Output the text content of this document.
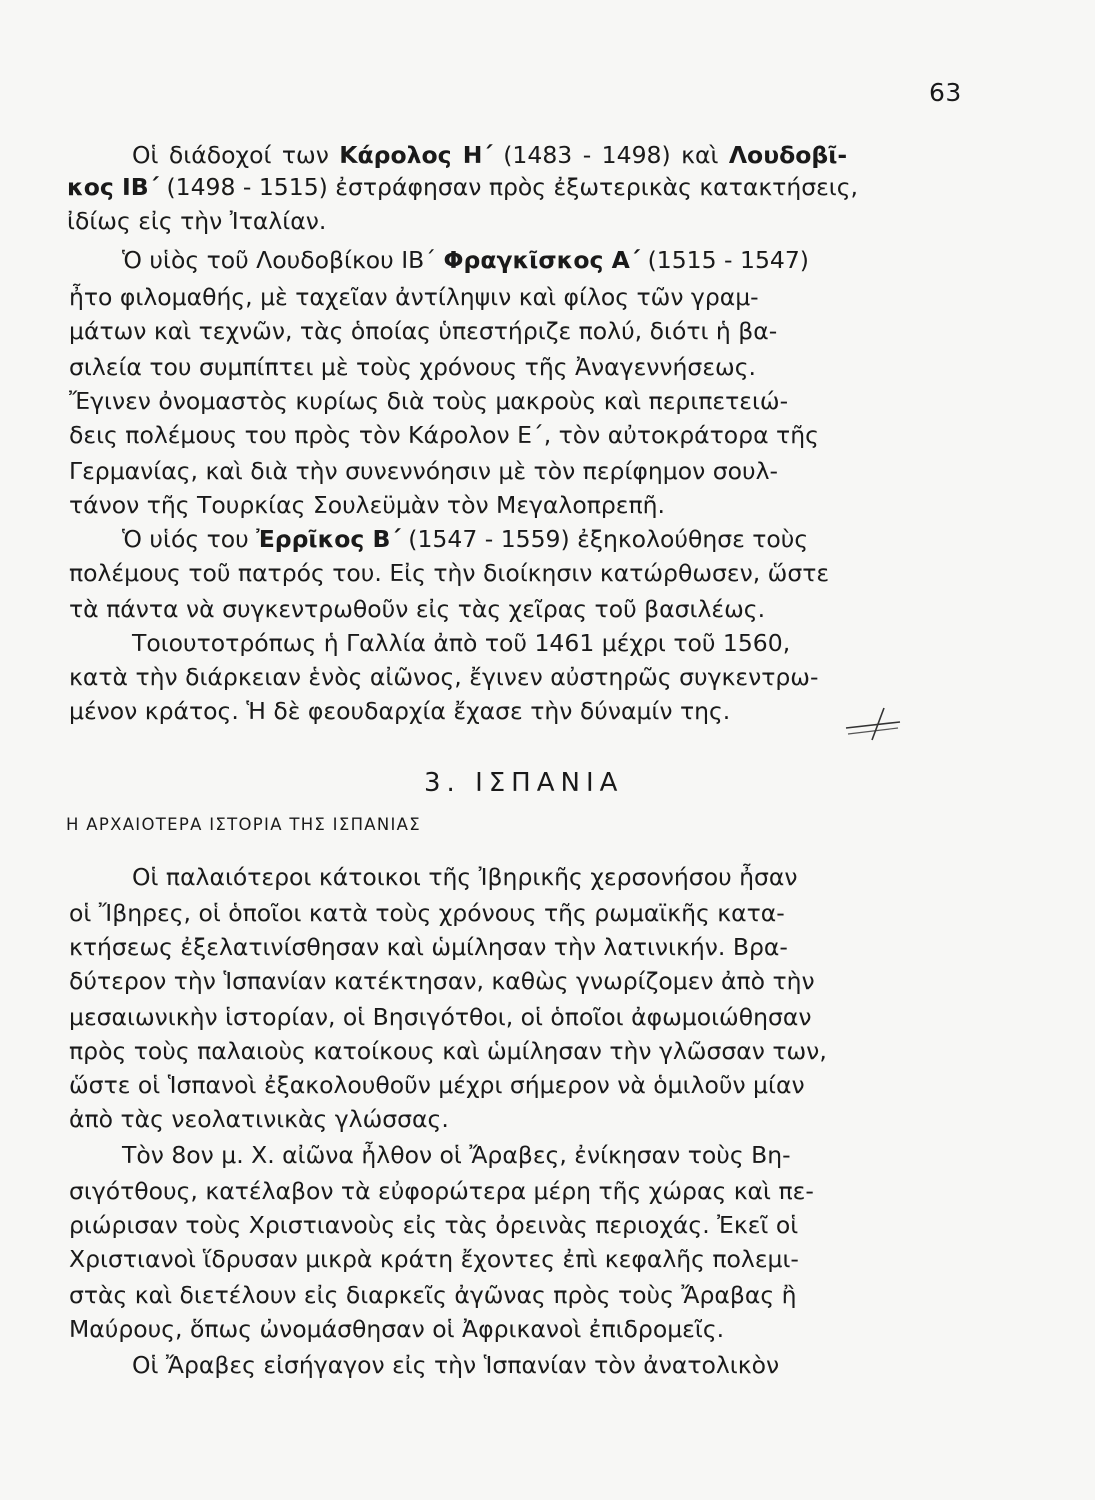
63
Οἱ διάδοχοί των Κάρολος Η΄ (1483 - 1498) καὶ Λουδοβῖ-
κος ΙΒ΄ (1498 - 1515) ἐστράφησαν πρὸς ἐξωτερικὰς κατακτήσεις,
ἰδίως εἰς τὴν Ἰταλίαν.
Ὁ υἱὸς τοῦ Λουδοβίκου ΙΒ΄ Φραγκῖσκος Α΄ (1515 - 1547)
ἦτο φιλομαθής, μὲ ταχεῖαν ἀντίληψιν καὶ φίλος τῶν γραμ-
μάτων καὶ τεχνῶν, τὰς ὁποίας ὑπεστήριζε πολύ, διότι ἡ βα-
σιλεία του συμπίπτει μὲ τοὺς χρόνους τῆς Ἀναγεννήσεως.
Ἔγινεν ὀνομαστὸς κυρίως διὰ τοὺς μακροὺς καὶ περιπετειώ-
δεις πολέμους του πρὸς τὸν Κάρολον Ε΄, τὸν αὐτοκράτορα τῆς
Γερμανίας, καὶ διὰ τὴν συνεννόησιν μὲ τὸν περίφημον σουλ-
τάνον τῆς Τουρκίας Σουλεϋμὰν τὸν Μεγαλοπρεπῆ.
Ὁ υἱός του Ἐρρῖκος Β΄ (1547 - 1559) ἐξηκολούθησε τοὺς
πολέμους τοῦ πατρός του. Εἰς τὴν διοίκησιν κατώρθωσεν, ὥστε
τὰ πάντα νὰ συγκεντρωθοῦν εἰς τὰς χεῖρας τοῦ βασιλέως.
Τοιουτοτρόπως ἡ Γαλλία ἀπὸ τοῦ 1461 μέχρι τοῦ 1560,
κατὰ τὴν διάρκειαν ἑνὸς αἰῶνος, ἔγινεν αὐστηρῶς συγκεντρω-
μένον κράτος. Ἡ δὲ φεουδαρχία ἔχασε τὴν δύναμίν της.
3. ΙΣΠΑΝΙΑ
Η ΑΡΧΑΙΟΤΕΡΑ ΙΣΤΟΡΙΑ ΤΗΣ ΙΣΠΑΝΙΑΣ
Οἱ παλαιότεροι κάτοικοι τῆς Ἰβηρικῆς χερσονήσου ἦσαν
οἱ Ἴβηρες, οἱ ὁποῖοι κατὰ τοὺς χρόνους τῆς ρωμαϊκῆς κατα-
κτήσεως ἐξελατινίσθησαν καὶ ὡμίλησαν τὴν λατινικήν. Βρα-
δύτερον τὴν Ἱσπανίαν κατέκτησαν, καθὼς γνωρίζομεν ἀπὸ τὴν
μεσαιωνικὴν ἱστορίαν, οἱ Βησιγότθοι, οἱ ὁποῖοι ἀφωμοιώθησαν
πρὸς τοὺς παλαιοὺς κατοίκους καὶ ὡμίλησαν τὴν γλῶσσαν των,
ὥστε οἱ Ἱσπανοὶ ἐξακολουθοῦν μέχρι σήμερον νὰ ὁμιλοῦν μίαν
ἀπὸ τὰς νεολατινικὰς γλώσσας.
Τὸν 8ον μ. Χ. αἰῶνα ἦλθον οἱ Ἄραβες, ἐνίκησαν τοὺς Βη-
σιγότθους, κατέλαβον τὰ εὐφορώτερα μέρη τῆς χώρας καὶ πε-
ριώρισαν τοὺς Χριστιανοὺς εἰς τὰς ὀρεινὰς περιοχάς. Ἐκεῖ οἱ
Χριστιανοὶ ἵδρυσαν μικρὰ κράτη ἔχοντες ἐπὶ κεφαλῆς πολεμι-
στὰς καὶ διετέλουν εἰς διαρκεῖς ἀγῶνας πρὸς τοὺς Ἄραβας ἢ
Μαύρους, ὅπως ὠνομάσθησαν οἱ Ἀφρικανοὶ ἐπιδρομεῖς.
Οἱ Ἄραβες εἰσήγαγον εἰς τὴν Ἱσπανίαν τὸν ἀνατολικὸν
